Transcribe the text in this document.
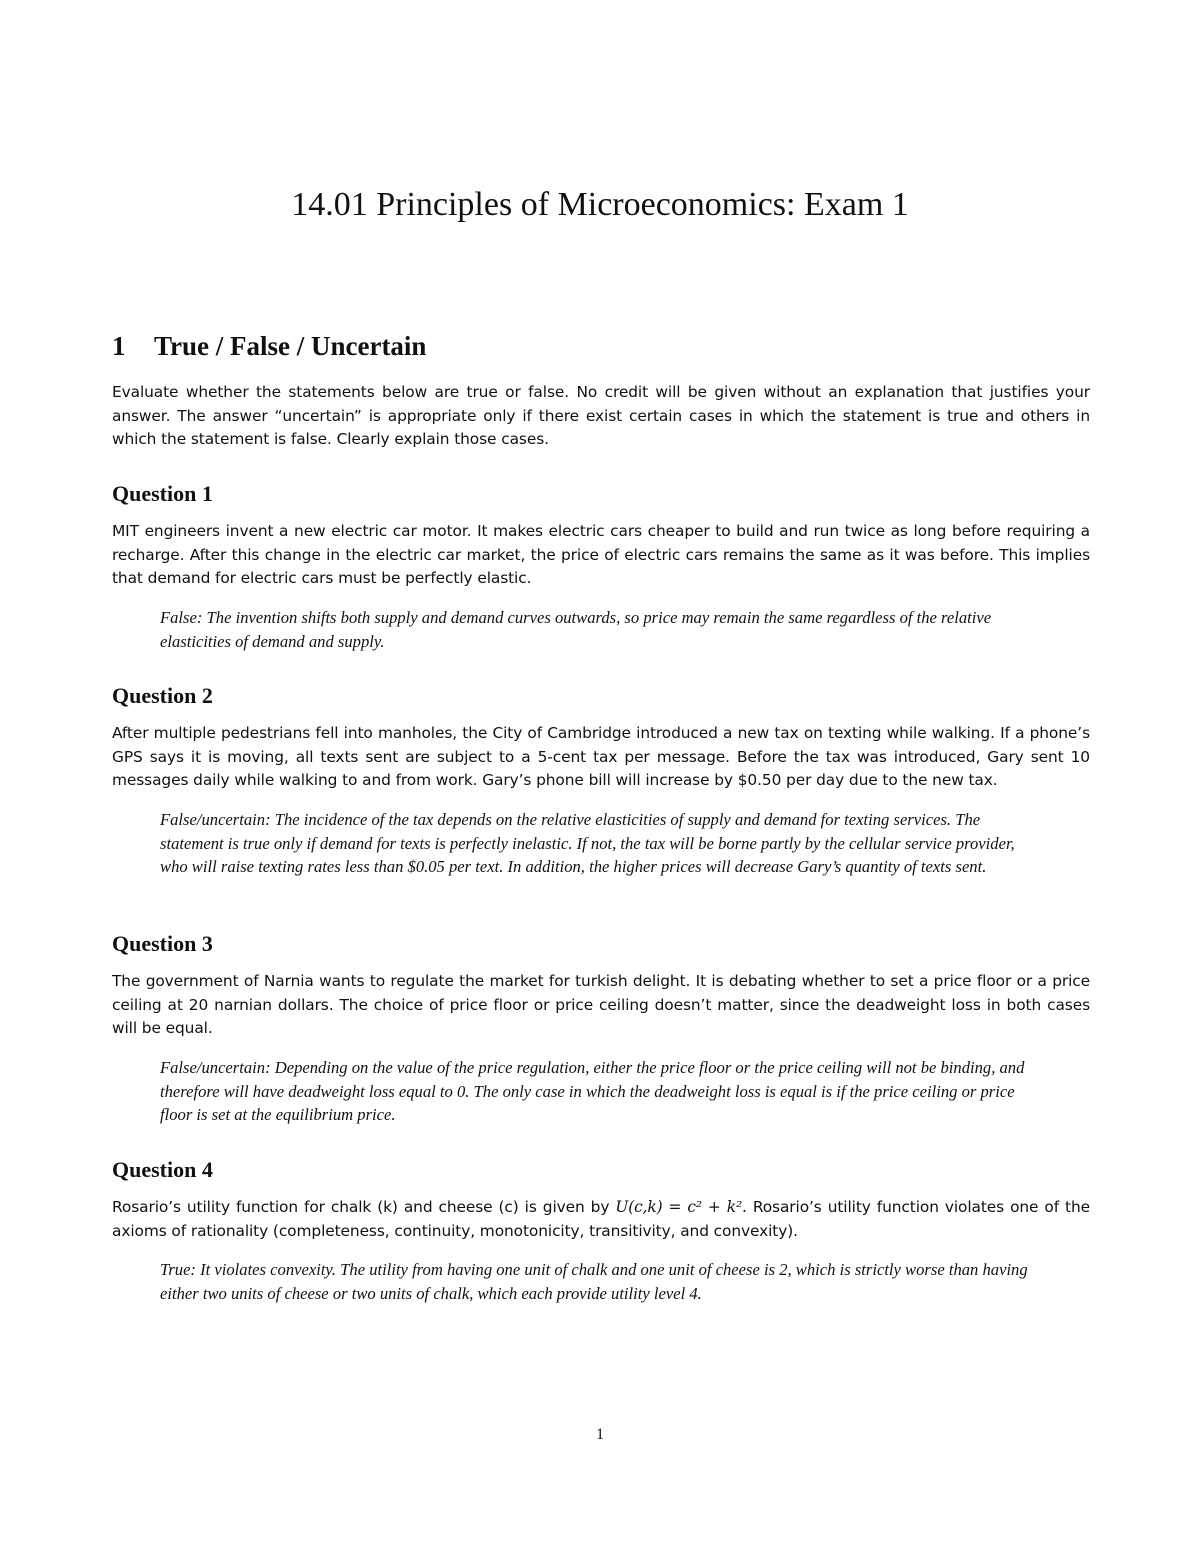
14.01 Principles of Microeconomics: Exam 1
1 True / False / Uncertain
Evaluate whether the statements below are true or false. No credit will be given without an explanation that justifies your answer. The answer “uncertain” is appropriate only if there exist certain cases in which the statement is true and others in which the statement is false. Clearly explain those cases.
Question 1
MIT engineers invent a new electric car motor. It makes electric cars cheaper to build and run twice as long before requiring a recharge. After this change in the electric car market, the price of electric cars remains the same as it was before. This implies that demand for electric cars must be perfectly elastic.
False: The invention shifts both supply and demand curves outwards, so price may remain the same regardless of the relative elasticities of demand and supply.
Question 2
After multiple pedestrians fell into manholes, the City of Cambridge introduced a new tax on texting while walking. If a phone’s GPS says it is moving, all texts sent are subject to a 5-cent tax per message. Before the tax was introduced, Gary sent 10 messages daily while walking to and from work. Gary’s phone bill will increase by $0.50 per day due to the new tax.
False/uncertain: The incidence of the tax depends on the relative elasticities of supply and demand for texting services. The statement is true only if demand for texts is perfectly inelastic. If not, the tax will be borne partly by the cellular service provider, who will raise texting rates less than $0.05 per text. In addition, the higher prices will decrease Gary’s quantity of texts sent.
Question 3
The government of Narnia wants to regulate the market for turkish delight. It is debating whether to set a price floor or a price ceiling at 20 narnian dollars. The choice of price floor or price ceiling doesn’t matter, since the deadweight loss in both cases will be equal.
False/uncertain: Depending on the value of the price regulation, either the price floor or the price ceiling will not be binding, and therefore will have deadweight loss equal to 0. The only case in which the deadweight loss is equal is if the price ceiling or price floor is set at the equilibrium price.
Question 4
Rosario’s utility function for chalk (k) and cheese (c) is given by U(c,k) = c² + k². Rosario’s utility function violates one of the axioms of rationality (completeness, continuity, monotonicity, transitivity, and convexity).
True: It violates convexity. The utility from having one unit of chalk and one unit of cheese is 2, which is strictly worse than having either two units of cheese or two units of chalk, which each provide utility level 4.
1
